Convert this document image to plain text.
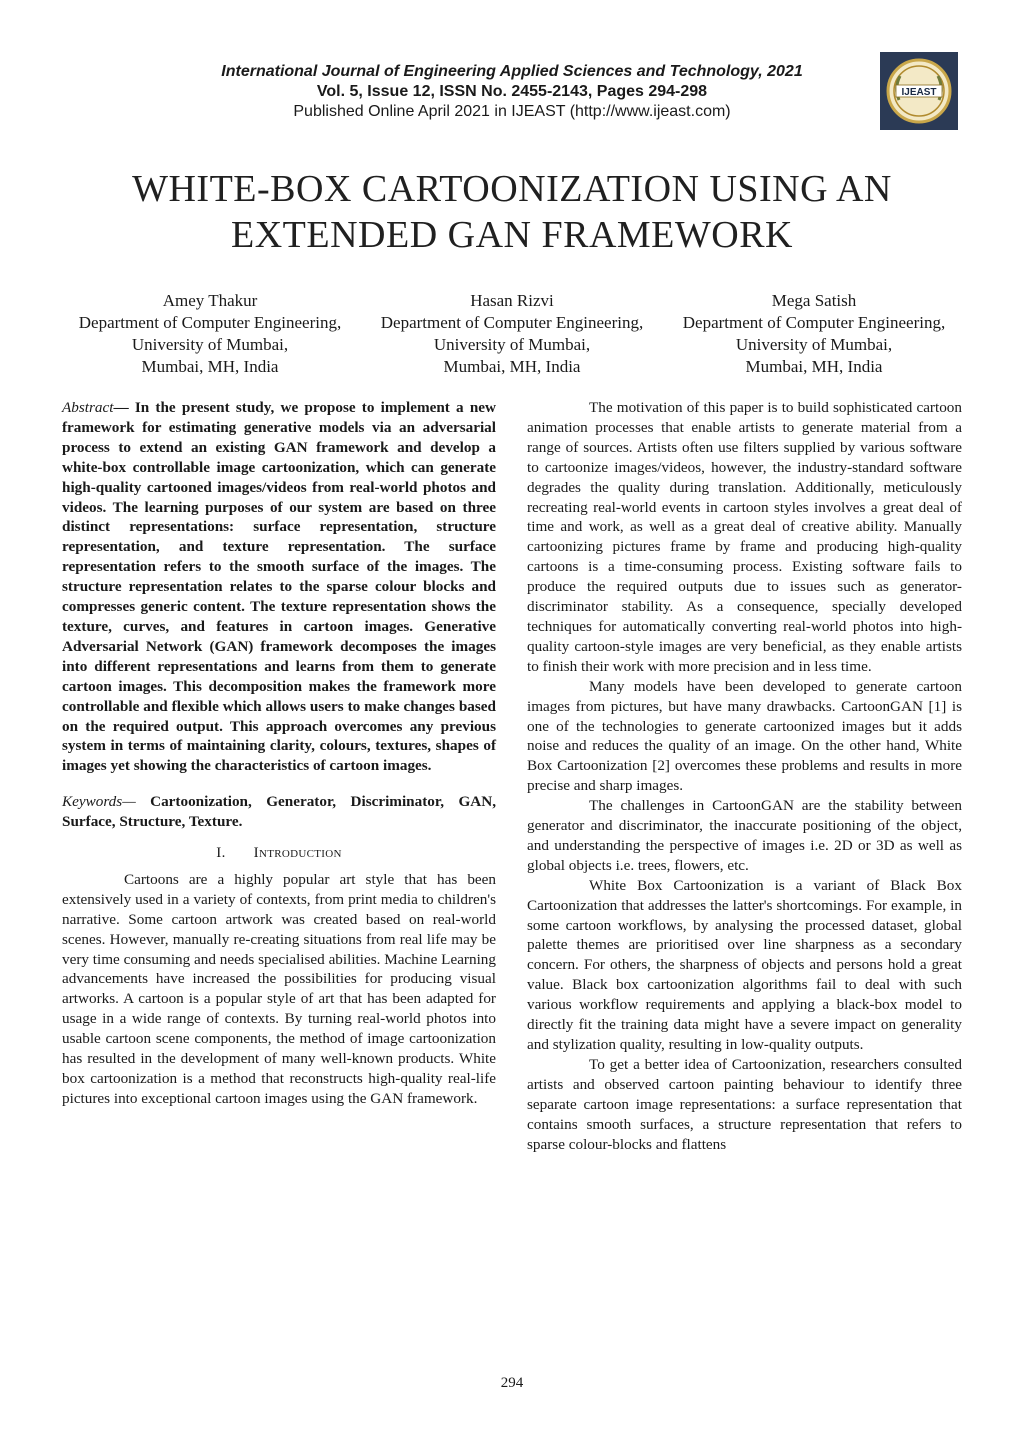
International Journal of Engineering Applied Sciences and Technology, 2021
Vol. 5, Issue 12, ISSN No. 2455-2143, Pages 294-298
Published Online April 2021 in IJEAST (http://www.ijeast.com)
IJEAST
WHITE-BOX CARTOONIZATION USING AN
EXTENDED GAN FRAMEWORK
Amey Thakur
Department of Computer Engineering,
University of Mumbai,
Mumbai, MH, India
Hasan Rizvi
Department of Computer Engineering,
University of Mumbai,
Mumbai, MH, India
Mega Satish
Department of Computer Engineering,
University of Mumbai,
Mumbai, MH, India

Abstract— In the present study, we propose to implement a new framework for estimating generative models via an adversarial process to extend an existing GAN framework and develop a white-box controllable image cartoonization, which can generate high-quality cartooned images/videos from real-world photos and videos. The learning purposes of our system are based on three distinct representations: surface representation, structure representation, and texture representation. The surface representation refers to the smooth surface of the images. The structure representation relates to the sparse colour blocks and compresses generic content. The texture representation shows the texture, curves, and features in cartoon images. Generative Adversarial Network (GAN) framework decomposes the images into different representations and learns from them to generate cartoon images. This decomposition makes the framework more controllable and flexible which allows users to make changes based on the required output. This approach overcomes any previous system in terms of maintaining clarity, colours, textures, shapes of images yet showing the characteristics of cartoon images.

Keywords— Cartoonization, Generator, Discriminator, GAN, Surface, Structure, Texture.

I. Introduction

Cartoons are a highly popular art style that has been extensively used in a variety of contexts, from print media to children's narrative. Some cartoon artwork was created based on real-world scenes. However, manually re-creating situations from real life may be very time consuming and needs specialised abilities. Machine Learning advancements have increased the possibilities for producing visual artworks. A cartoon is a popular style of art that has been adapted for usage in a wide range of contexts. By turning real-world photos into usable cartoon scene components, the method of image cartoonization has resulted in the development of many well-known products. White box cartoonization is a method that reconstructs high-quality real-life pictures into exceptional cartoon images using the GAN framework.

The motivation of this paper is to build sophisticated cartoon animation processes that enable artists to generate material from a range of sources. Artists often use filters supplied by various software to cartoonize images/videos, however, the industry-standard software degrades the quality during translation. Additionally, meticulously recreating real-world events in cartoon styles involves a great deal of time and work, as well as a great deal of creative ability. Manually cartoonizing pictures frame by frame and producing high-quality cartoons is a time-consuming process. Existing software fails to produce the required outputs due to issues such as generator-discriminator stability. As a consequence, specially developed techniques for automatically converting real-world photos into high-quality cartoon-style images are very beneficial, as they enable artists to finish their work with more precision and in less time.

Many models have been developed to generate cartoon images from pictures, but have many drawbacks. CartoonGAN [1] is one of the technologies to generate cartoonized images but it adds noise and reduces the quality of an image. On the other hand, White Box Cartoonization [2] overcomes these problems and results in more precise and sharp images.

The challenges in CartoonGAN are the stability between generator and discriminator, the inaccurate positioning of the object, and understanding the perspective of images i.e. 2D or 3D as well as global objects i.e. trees, flowers, etc.

White Box Cartoonization is a variant of Black Box Cartoonization that addresses the latter's shortcomings. For example, in some cartoon workflows, by analysing the processed dataset, global palette themes are prioritised over line sharpness as a secondary concern. For others, the sharpness of objects and persons hold a great value. Black box cartoonization algorithms fail to deal with such various workflow requirements and applying a black-box model to directly fit the training data might have a severe impact on generality and stylization quality, resulting in low-quality outputs.

To get a better idea of Cartoonization, researchers consulted artists and observed cartoon painting behaviour to identify three separate cartoon image representations: a surface representation that contains smooth surfaces, a structure representation that refers to sparse colour-blocks and flattens

294
